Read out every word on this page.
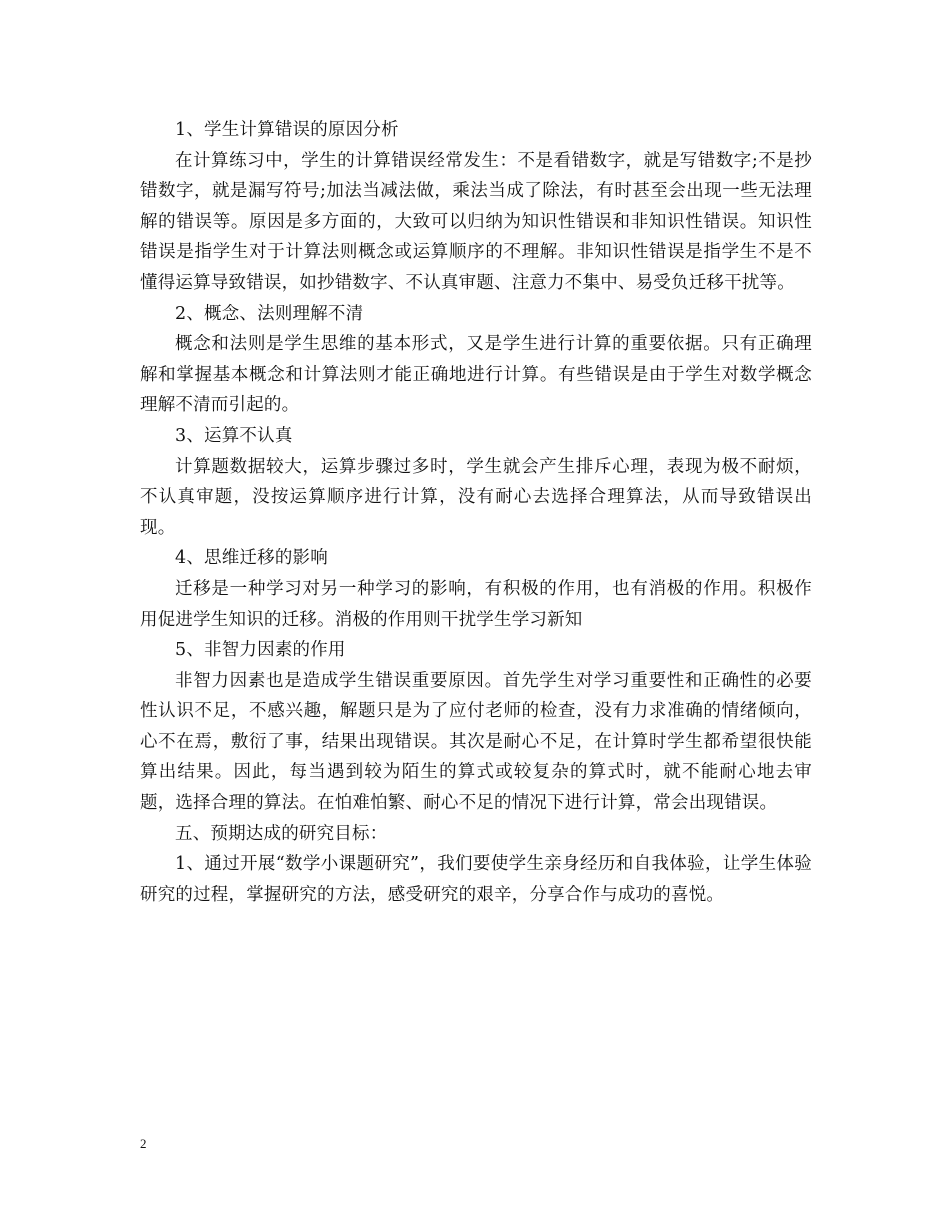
1、学生计算错误的原因分析

在计算练习中，学生的计算错误经常发生：不是看错数字，就是写错数字;不是抄错数字，就是漏写符号;加法当减法做，乘法当成了除法，有时甚至会出现一些无法理解的错误等。原因是多方面的，大致可以归纳为知识性错误和非知识性错误。知识性错误是指学生对于计算法则概念或运算顺序的不理解。非知识性错误是指学生不是不懂得运算导致错误，如抄错数字、不认真审题、注意力不集中、易受负迁移干扰等。

2、概念、法则理解不清

概念和法则是学生思维的基本形式，又是学生进行计算的重要依据。只有正确理解和掌握基本概念和计算法则才能正确地进行计算。有些错误是由于学生对数学概念理解不清而引起的。

3、运算不认真

计算题数据较大，运算步骤过多时，学生就会产生排斥心理，表现为极不耐烦，不认真审题，没按运算顺序进行计算，没有耐心去选择合理算法，从而导致错误出现。

4、思维迁移的影响

迁移是一种学习对另一种学习的影响，有积极的作用，也有消极的作用。积极作用促进学生知识的迁移。消极的作用则干扰学生学习新知

5、非智力因素的作用

非智力因素也是造成学生错误重要原因。首先学生对学习重要性和正确性的必要性认识不足，不感兴趣，解题只是为了应付老师的检查，没有力求准确的情绪倾向，心不在焉，敷衍了事，结果出现错误。其次是耐心不足，在计算时学生都希望很快能算出结果。因此，每当遇到较为陌生的算式或较复杂的算式时，就不能耐心地去审题，选择合理的算法。在怕难怕繁、耐心不足的情况下进行计算，常会出现错误。

五、预期达成的研究目标：

1、通过开展“数学小课题研究”，我们要使学生亲身经历和自我体验，让学生体验研究的过程，掌握研究的方法，感受研究的艰辛，分享合作与成功的喜悦。

2
